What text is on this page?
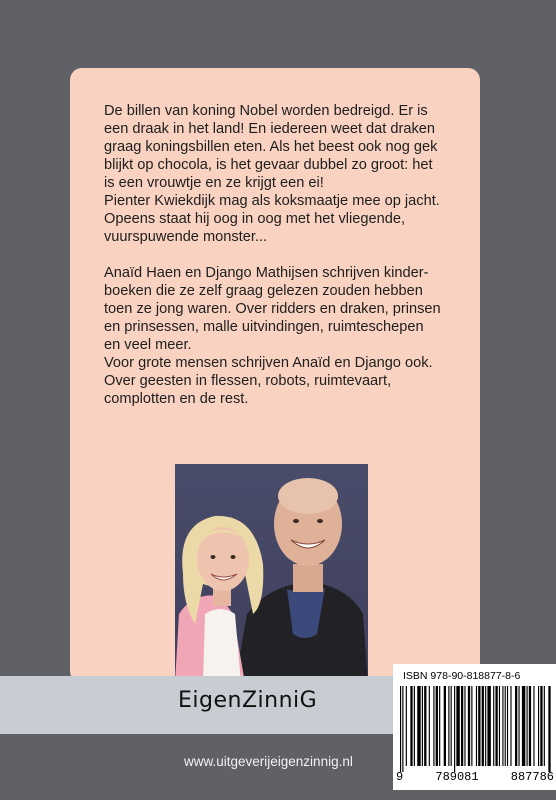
De billen van koning Nobel worden bedreigd. Er is

een draak in het land! En iedereen weet dat draken

graag koningsbillen eten. Als het beest ook nog gek

blijkt op chocola, is het gevaar dubbel zo groot: het

is een vrouwtje en ze krijgt een ei!

Pienter Kwiekdijk mag als koksmaatje mee op jacht.

Opeens staat hij oog in oog met het vliegende,

vuurspuwende monster...

Anaïd Haen en Django Mathijsen schrijven kinder-

boeken die ze zelf graag gelezen zouden hebben

toen ze jong waren. Over ridders en draken, prinsen

en prinsessen, malle uitvindingen, ruimteschepen

en veel meer.

Voor grote mensen schrijven Anaïd en Django ook.

Over geesten in flessen, robots, ruimtevaart,

complotten en de rest.

EigenZinniG
www.uitgeverijeigenzinnig.nl
ISBN 978-90-818877-8-6
9	789081	887786
